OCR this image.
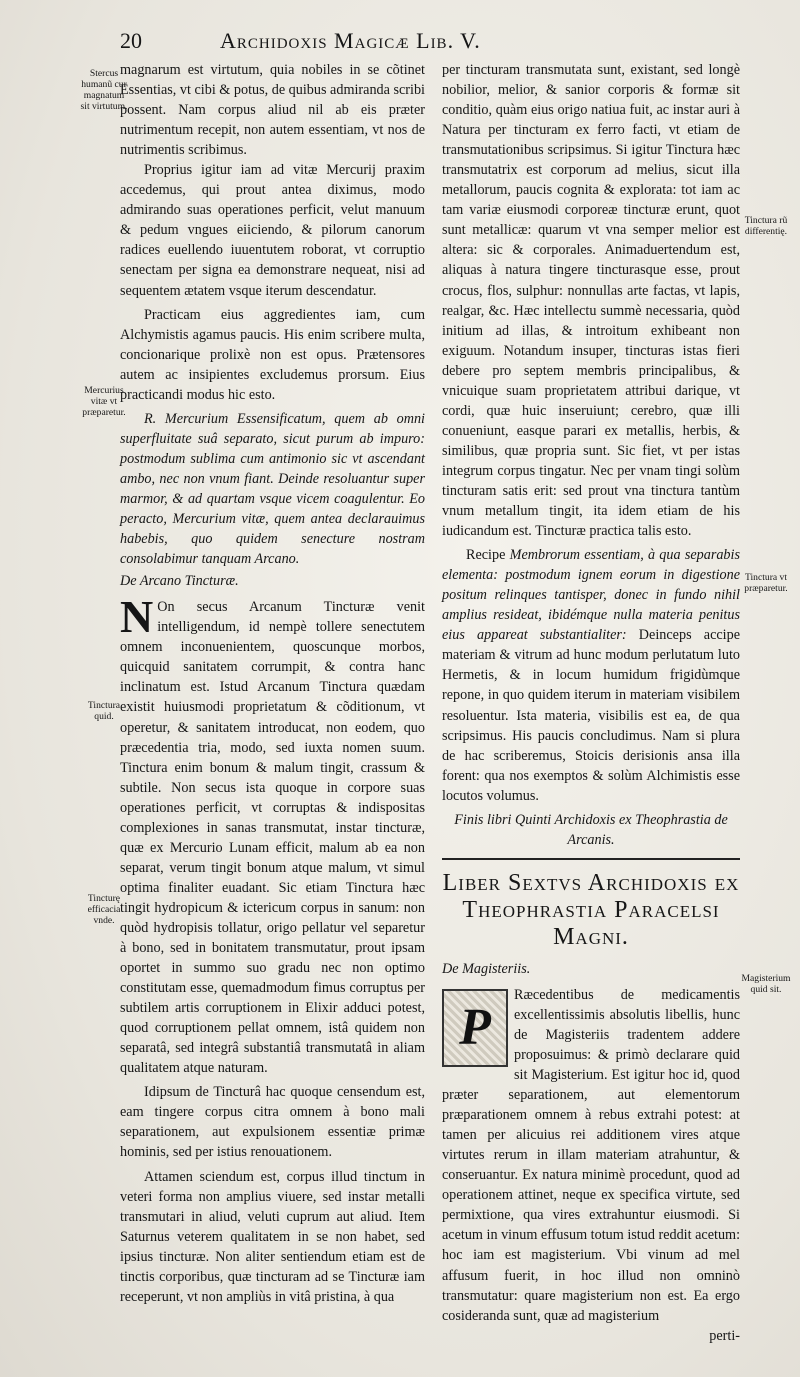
20	Archidoxis Magicæ Lib. V.
Stercus humanũ cur magnatum sit virtutum.
Mercurius vitæ vt præparetur.
Tinctura quid.
Tincturę efficacia vnde.
Tinctura rũ differentię.
Tinctura vt præparetur.
Magisterium quid sit.

magnarum est virtutum, quia nobiles in se cõtinet Essentias, vt cibi & potus, de quibus admiranda scribi possent. Nam corpus aliud nil ab eis præter nutrimentum recepit, non autem essentiam, vt nos de nutrimentis scribimus.

Proprius igitur iam ad vitæ Mercurij praxim accedemus, qui prout antea diximus, modo admirando suas operationes perficit, velut manuum & pedum vngues eiiciendo, & pilorum canorum radices euellendo iuuentutem roborat, vt corruptio senectam per signa ea demonstrare nequeat, nisi ad sequentem ætatem vsque iterum descendatur.

Practicam eius aggredientes iam, cum Alchymistis agamus paucis. His enim scribere multa, concionarique prolixè non est opus. Prætensores autem ac insipientes excludemus prorsum. Eius practicandi modus hic esto.

R. Mercurium Essensificatum, quem ab omni superfluitate suâ separato, sicut purum ab impuro: postmodum sublima cum antimonio sic vt ascendant ambo, nec non vnum fiant. Deinde resoluantur super marmor, & ad quartam vsque vicem coagulentur. Eo peracto, Mercurium vitæ, quem antea declarauimus habebis, quo quidem senecture nostram consolabimur tanquam Arcano.

De Arcano Tincturæ.

N On secus Arcanum Tincturæ venit intelligendum, id nempè tollere senectutem omnem inconuenientem, quoscunque morbos, quicquid sanitatem corrumpit, & contra hanc inclinatum est. Istud Arcanum Tinctura quædam existit huiusmodi proprietatum & cõditionum, vt operetur, & sanitatem introducat, non eodem, quo præcedentia tria, modo, sed iuxta nomen suum. Tinctura enim bonum & malum tingit, crassum & subtile. Non secus ista quoque in corpore suas operationes perficit, vt corruptas & indispositas complexiones in sanas transmutat, instar tincturæ, quæ ex Mercurio Lunam efficit, malum ab ea non separat, verum tingit bonum atque malum, vt simul optima finaliter euadant. Sic etiam Tinctura hæc tingit hydropicum & ictericum corpus in sanum: non quòd hydropisis tollatur, origo pellatur vel separetur à bono, sed in bonitatem transmutatur, prout ipsam oportet in summo suo gradu nec non optimo constitutam esse, quemadmodum fimus corruptus per subtilem artis corruptionem in Elixir adduci potest, quod corruptionem pellat omnem, istâ quidem non separatâ, sed integrâ substantiâ transmutatâ in aliam qualitatem atque naturam.

Idipsum de Tincturâ hac quoque censendum est, eam tingere corpus citra omnem à bono mali separationem, aut expulsionem essentiæ primæ hominis, sed per istius renouationem.

Attamen sciendum est, corpus illud tinctum in veteri forma non amplius viuere, sed instar metalli transmutari in aliud, veluti cuprum aut aliud. Item Saturnus veterem qualitatem in se non habet, sed ipsius tincturæ. Non aliter sentiendum etiam est de tinctis corporibus, quæ tincturam ad se Tincturæ iam receperunt, vt non ampliùs in vitâ pristina, à qua

per tincturam transmutata sunt, existant, sed longè nobilior, melior, & sanior corporis & formæ sit conditio, quàm eius origo natiua fuit, ac instar auri à Natura per tincturam ex ferro facti, vt etiam de transmutationibus scripsimus. Si igitur Tinctura hæc transmutatrix est corporum ad melius, sicut illa metallorum, paucis cognita & explorata: tot iam ac tam variæ eiusmodi corporeæ tincturæ erunt, quot sunt metallicæ: quarum vt vna semper melior est altera: sic & corporales. Animaduertendum est, aliquas à natura tingere tincturasque esse, prout crocus, flos, sulphur: nonnullas arte factas, vt lapis, realgar, &c. Hæc intellectu summè necessaria, quòd initium ad illas, & introitum exhibeant non exiguum. Notandum insuper, tincturas istas fieri debere pro septem membris principalibus, & vnicuique suam proprietatem attribui darique, vt cordi, quæ huic inseruiunt; cerebro, quæ illi conueniunt, easque parari ex metallis, herbis, & similibus, quæ propria sunt. Sic fiet, vt per istas integrum corpus tingatur. Nec per vnam tingi solùm tincturam satis erit: sed prout vna tinctura tantùm vnum metallum tingit, ita idem etiam de his iudicandum est. Tincturæ practica talis esto.

Recipe Membrorum essentiam, à qua separabis elementa: postmodum ignem eorum in digestione positum relinques tantisper, donec in fundo nihil amplius resideat, ibidémque nulla materia penitus eius appareat substantialiter: Deinceps accipe materiam & vitrum ad hunc modum perlutatum luto Hermetis, & in locum humidum frigidùmque repone, in quo quidem iterum in materiam visibilem resoluentur. Ista materia, visibilis est ea, de qua scripsimus. His paucis concludimus. Nam si plura de hac scriberemus, Stoicis derisionis ansa illa forent: qua nos exemptos & solùm Alchimistis esse locutos volumus.

Finis libri Quinti Archidoxis ex Theophrastia de Arcanis.

Liber Sextvs Archidoxis ex Theophrastia Paracelsi Magni.

De Magisteriis.

P
Ræcedentibus de medicamentis excellentissimis absolutis libellis, hunc de Magisteriis tradentem addere proposuimus: & primò declarare quid sit Magisterium. Est igitur hoc id, quod præter separationem, aut elementorum præparationem omnem à rebus extrahi potest: at tamen per alicuius rei additionem vires atque virtutes rerum in illam materiam atrahuntur, & conseruantur. Ex natura minimè procedunt, quod ad operationem attinet, neque ex specifica virtute, sed permixtione, qua vires extrahuntur eiusmodi. Si acetum in vinum effusum totum istud reddit acetum: hoc iam est magisterium. Vbi vinum ad mel affusum fuerit, in hoc illud non omninò transmutatur: quare magisterium non est. Ea ergo cosideranda sunt, quæ ad magisterium

perti-
